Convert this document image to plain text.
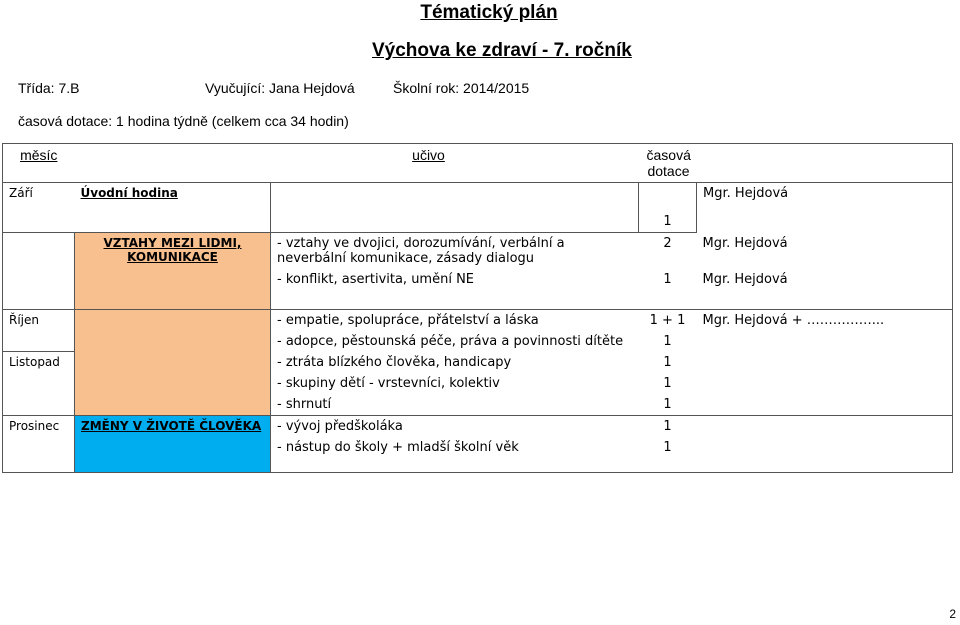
Tématický plán
Výchova ke zdraví - 7. ročník
Třída: 7.B	Vyučující: Jana Hejdová	Školní rok: 2014/2015
časová dotace: 1 hodina týdně (celkem cca 34 hodin)
měsíc	učivo		časová dotace	
Září	Úvodní hodina		1	Mgr. Hejdová
	VZTAHY MEZI LIDMI, KOMUNIKACE	- vztahy ve dvojici, dorozumívání, verbální a neverbální komunikace, zásady dialogu	2	Mgr. Hejdová
		- konflikt, asertivita, umění NE	1	Mgr. Hejdová
Říjen		- empatie, spolupráce, přátelství a láska	1 + 1	Mgr. Hejdová + ……………...
		- adopce, pěstounská péče, práva a povinnosti dítěte	1	
Listopad		- ztráta blízkého člověka, handicapy	1	
		- skupiny dětí - vrstevníci, kolektiv	1	
		- shrnutí	1	
Prosinec	ZMĚNY V ŽIVOTĚ ČLOVĚKA	- vývoj předškoláka	1	
		- nástup do školy + mladší školní věk	1	
2
